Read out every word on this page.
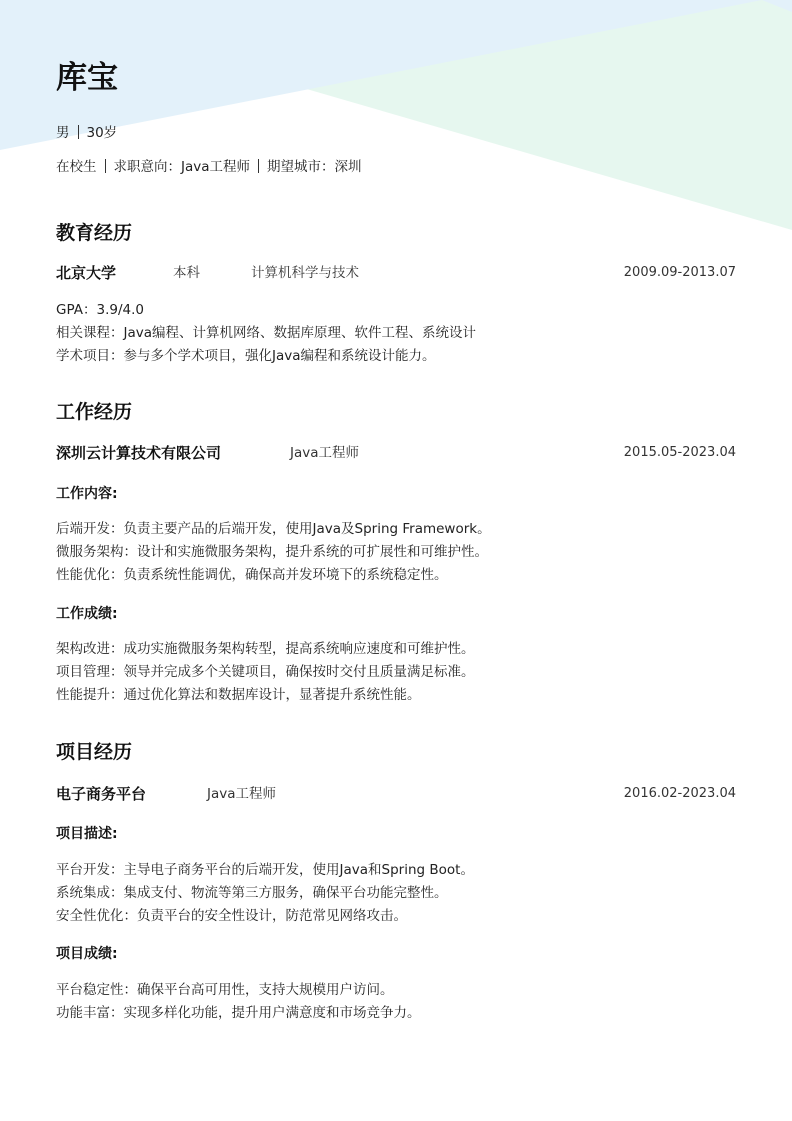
库宝
男 30岁
在校生 求职意向：Java工程师 期望城市：深圳
教育经历
北京大学	本科	计算机科学与技术	2009.09-2013.07
GPA：3.9/4.0
相关课程：Java编程、计算机网络、数据库原理、软件工程、系统设计
学术项目：参与多个学术项目，强化Java编程和系统设计能力。
工作经历
深圳云计算技术有限公司	Java工程师	2015.05-2023.04
工作内容:
后端开发：负责主要产品的后端开发，使用Java及Spring Framework。
微服务架构：设计和实施微服务架构，提升系统的可扩展性和可维护性。
性能优化：负责系统性能调优，确保高并发环境下的系统稳定性。
工作成绩:
架构改进：成功实施微服务架构转型，提高系统响应速度和可维护性。
项目管理：领导并完成多个关键项目，确保按时交付且质量满足标准。
性能提升：通过优化算法和数据库设计，显著提升系统性能。
项目经历
电子商务平台	Java工程师	2016.02-2023.04
项目描述:
平台开发：主导电子商务平台的后端开发，使用Java和Spring Boot。
系统集成：集成支付、物流等第三方服务，确保平台功能完整性。
安全性优化：负责平台的安全性设计，防范常见网络攻击。
项目成绩:
平台稳定性：确保平台高可用性，支持大规模用户访问。
功能丰富：实现多样化功能，提升用户满意度和市场竞争力。
